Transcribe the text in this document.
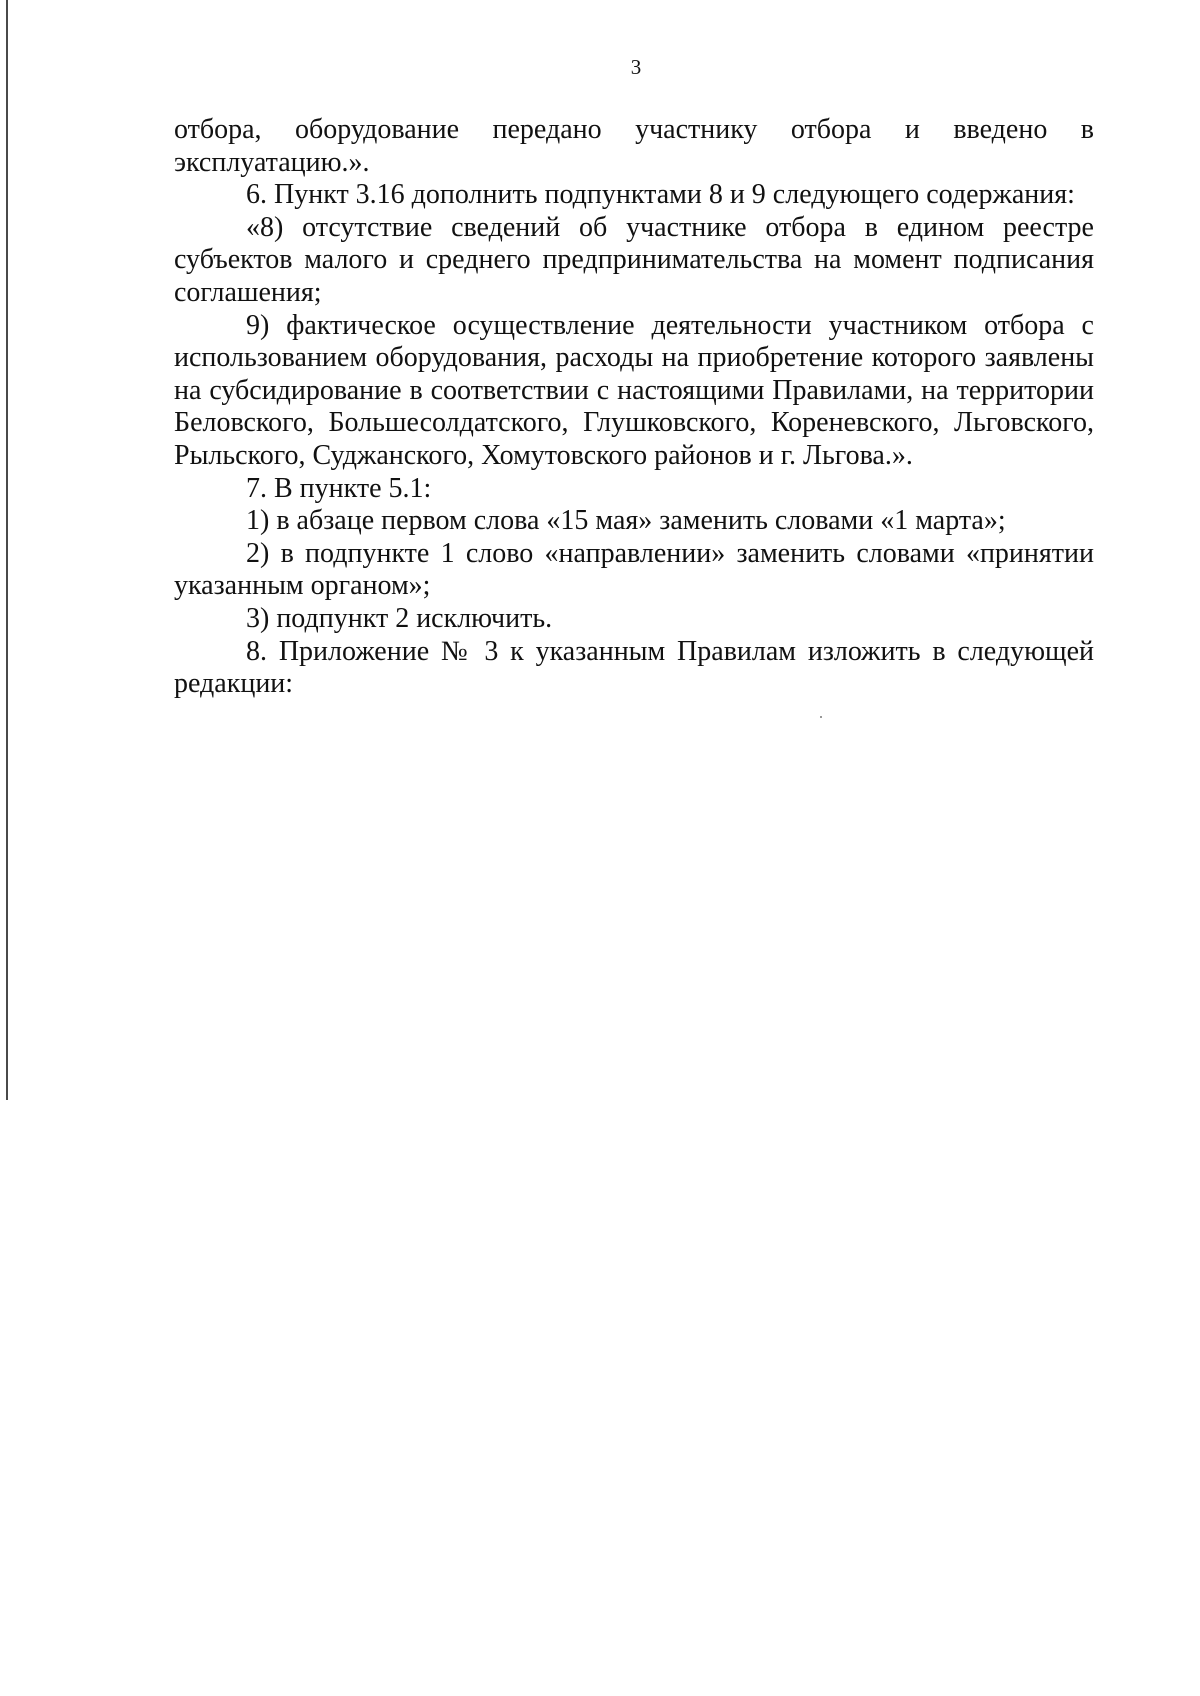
3

отбора, оборудование передано участнику отбора и введено в эксплуатацию.».

6. Пункт 3.16 дополнить подпунктами 8 и 9 следующего содержания:

«8) отсутствие сведений об участнике отбора в едином реестре субъектов малого и среднего предпринимательства на момент подписания соглашения;

9) фактическое осуществление деятельности участником отбора с использованием оборудования, расходы на приобретение которого заявлены на субсидирование в соответствии с настоящими Правилами, на территории Беловского, Большесолдатского, Глушковского, Кореневского, Льговского, Рыльского, Суджанского, Хомутовского районов и г. Льгова.».

7. В пункте 5.1:

1) в абзаце первом слова «15 мая» заменить словами «1 марта»;

2) в подпункте 1 слово «направлении» заменить словами «принятии указанным органом»;

3) подпункт 2 исключить.

8. Приложение № 3 к указанным Правилам изложить в следующей редакции:
